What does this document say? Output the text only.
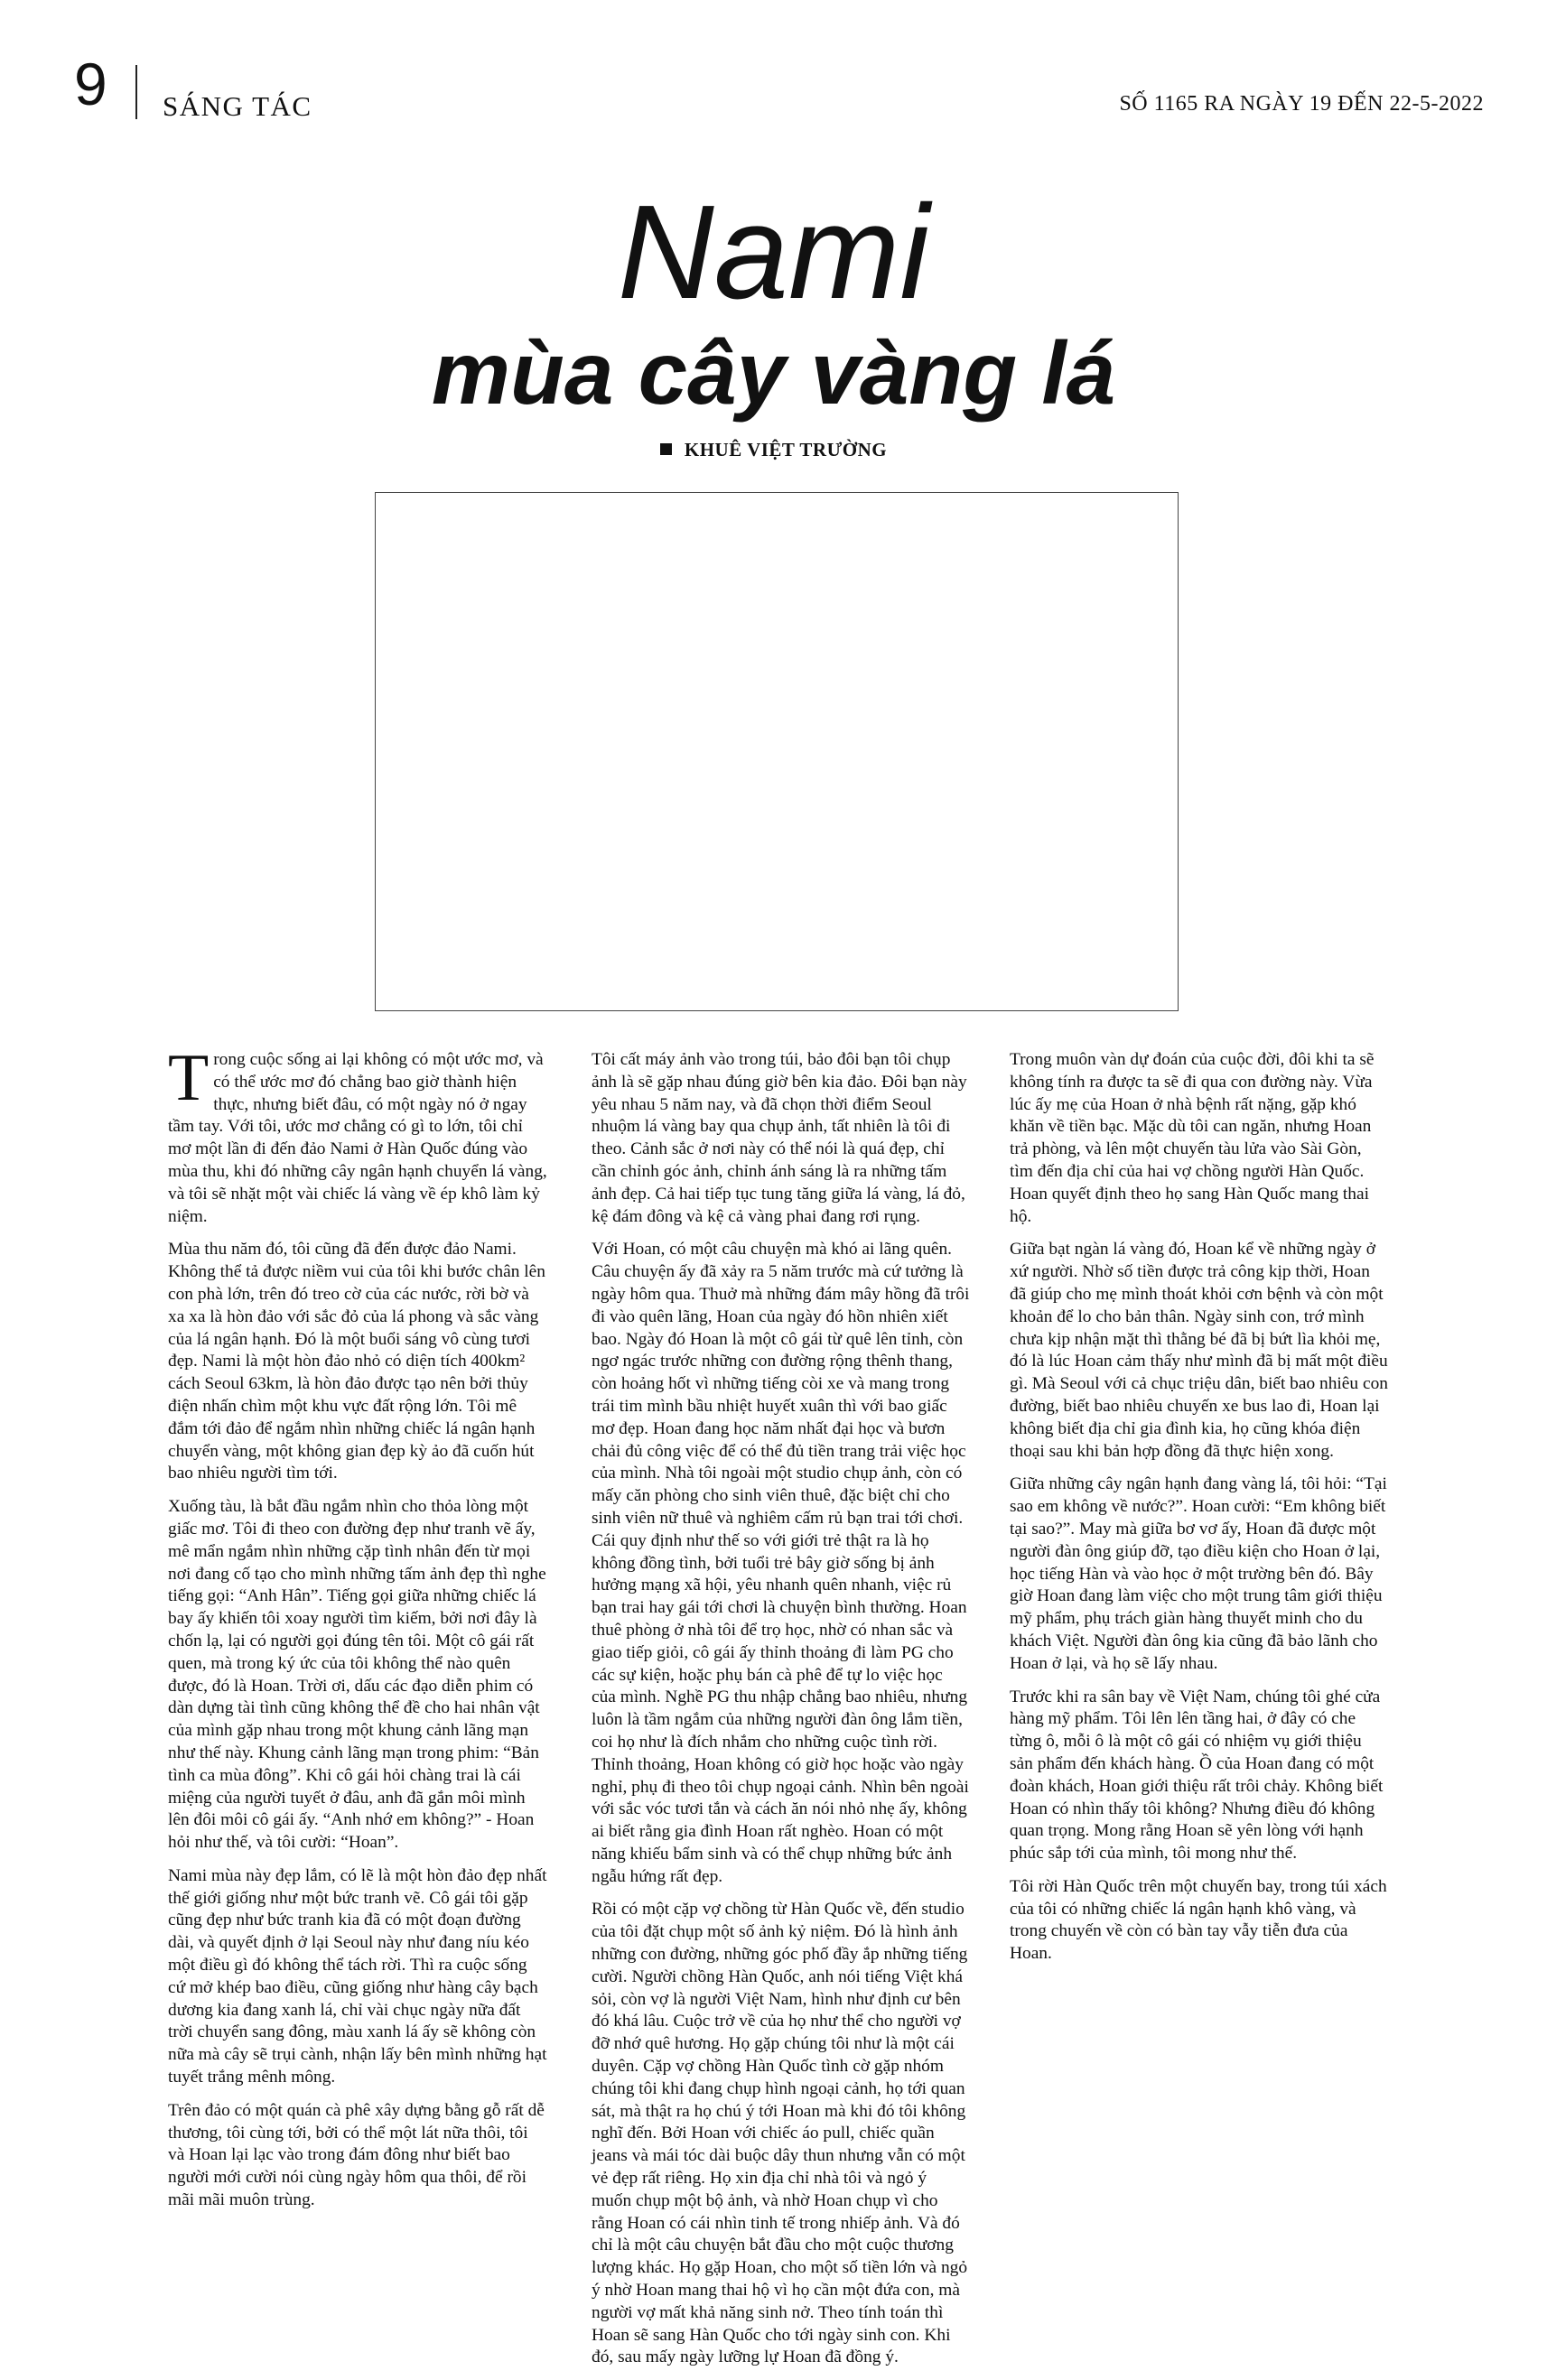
9 SÁNG TÁC	SỐ 1165 RA NGÀY 19 ĐẾN 22-5-2022
Nami
mùa cây vàng lá
KHUÊ VIỆT TRƯỜNG

Trong cuộc sống ai lại không có một ước mơ, và có thể ước mơ đó chẳng bao giờ thành hiện thực, nhưng biết đâu, có một ngày nó ở ngay tầm tay. Với tôi, ước mơ chẳng có gì to lớn, tôi chỉ mơ một lần đi đến đảo Nami ở Hàn Quốc đúng vào mùa thu, khi đó những cây ngân hạnh chuyển lá vàng, và tôi sẽ nhặt một vài chiếc lá vàng về ép khô làm kỷ niệm.

Mùa thu năm đó, tôi cũng đã đến được đảo Nami. Không thể tả được niềm vui của tôi khi bước chân lên con phà lớn, trên đó treo cờ của các nước, rời bờ và xa xa là hòn đảo với sắc đỏ của lá phong và sắc vàng của lá ngân hạnh. Đó là một buổi sáng vô cùng tươi đẹp. Nami là một hòn đảo nhỏ có diện tích 400km² cách Seoul 63km, là hòn đảo được tạo nên bởi thủy điện nhấn chìm một khu vực đất rộng lớn. Tôi mê đắm tới đảo để ngắm nhìn những chiếc lá ngân hạnh chuyển vàng, một không gian đẹp kỳ ảo đã cuốn hút bao nhiêu người tìm tới.

Xuống tàu, là bắt đầu ngắm nhìn cho thỏa lòng một giấc mơ. Tôi đi theo con đường đẹp như tranh vẽ ấy, mê mẩn ngắm nhìn những cặp tình nhân đến từ mọi nơi đang cố tạo cho mình những tấm ảnh đẹp thì nghe tiếng gọi: “Anh Hân”. Tiếng gọi giữa những chiếc lá bay ấy khiến tôi xoay người tìm kiếm, bởi nơi đây là chốn lạ, lại có người gọi đúng tên tôi. Một cô gái rất quen, mà trong ký ức của tôi không thể nào quên được, đó là Hoan. Trời ơi, dấu các đạo diễn phim có dàn dựng tài tình cũng không thể đề cho hai nhân vật của mình gặp nhau trong một khung cảnh lãng mạn như thế này. Khung cảnh lãng mạn trong phim: “Bản tình ca mùa đông”. Khi cô gái hỏi chàng trai là cái miệng của người tuyết ở đâu, anh đã gắn môi mình lên đôi môi cô gái ấy. “Anh nhớ em không?” - Hoan hỏi như thế, và tôi cười: “Hoan”.

Nami mùa này đẹp lắm, có lẽ là một hòn đảo đẹp nhất thế giới giống như một bức tranh vẽ. Cô gái tôi gặp cũng đẹp như bức tranh kia đã có một đoạn đường dài, và quyết định ở lại Seoul này như đang níu kéo một điều gì đó không thể tách rời. Thì ra cuộc sống cứ mở khép bao điều, cũng giống như hàng cây bạch dương kia đang xanh lá, chỉ vài chục ngày nữa đất trời chuyển sang đông, màu xanh lá ấy sẽ không còn nữa mà cây sẽ trụi cành, nhận lấy bên mình những hạt tuyết trắng mênh mông.

Trên đảo có một quán cà phê xây dựng bằng gỗ rất dễ thương, tôi cùng tới, bởi có thể một lát nữa thôi, tôi và Hoan lại lạc vào trong đám đông như biết bao người mới cười nói cùng ngày hôm qua thôi, để rồi mãi mãi muôn trùng.

Tôi cất máy ảnh vào trong túi, bảo đôi bạn tôi chụp ảnh là sẽ gặp nhau đúng giờ bên kia đảo. Đôi bạn này yêu nhau 5 năm nay, và đã chọn thời điểm Seoul nhuộm lá vàng bay qua chụp ảnh, tất nhiên là tôi đi theo. Cảnh sắc ở nơi này có thể nói là quá đẹp, chỉ cần chỉnh góc ảnh, chỉnh ánh sáng là ra những tấm ảnh đẹp. Cả hai tiếp tục tung tăng giữa lá vàng, lá đỏ, kệ đám đông và kệ cả vàng phai đang rơi rụng.

Với Hoan, có một câu chuyện mà khó ai lãng quên. Câu chuyện ấy đã xảy ra 5 năm trước mà cứ tưởng là ngày hôm qua. Thuở mà những đám mây hồng đã trôi đi vào quên lãng, Hoan của ngày đó hồn nhiên xiết bao. Ngày đó Hoan là một cô gái từ quê lên tỉnh, còn ngơ ngác trước những con đường rộng thênh thang, còn hoảng hốt vì những tiếng còi xe và mang trong trái tim mình bầu nhiệt huyết xuân thì với bao giấc mơ đẹp. Hoan đang học năm nhất đại học và bươn chải đủ công việc để có thể đủ tiền trang trải việc học của mình. Nhà tôi ngoài một studio chụp ảnh, còn có mấy căn phòng cho sinh viên thuê, đặc biệt chỉ cho sinh viên nữ thuê và nghiêm cấm rủ bạn trai tới chơi. Cái quy định như thế so với giới trẻ thật ra là họ không đồng tình, bởi tuổi trẻ bây giờ sống bị ảnh hưởng mạng xã hội, yêu nhanh quên nhanh, việc rủ bạn trai hay gái tới chơi là chuyện bình thường. Hoan thuê phòng ở nhà tôi để trọ học, nhờ có nhan sắc và giao tiếp giỏi, cô gái ấy thỉnh thoảng đi làm PG cho các sự kiện, hoặc phụ bán cà phê để tự lo việc học của mình. Nghề PG thu nhập chẳng bao nhiêu, nhưng luôn là tầm ngắm của những người đàn ông lắm tiền, coi họ như là đích nhắm cho những cuộc tình rời. Thỉnh thoảng, Hoan không có giờ học hoặc vào ngày nghỉ, phụ đi theo tôi chụp ngoại cảnh. Nhìn bên ngoài với sắc vóc tươi tắn và cách ăn nói nhỏ nhẹ ấy, không ai biết rằng gia đình Hoan rất nghèo. Hoan có một năng khiếu bẩm sinh và có thể chụp những bức ảnh ngẫu hứng rất đẹp.

Rồi có một cặp vợ chồng từ Hàn Quốc về, đến studio của tôi đặt chụp một số ảnh kỷ niệm. Đó là hình ảnh những con đường, những góc phố đầy ắp những tiếng cười. Người chồng Hàn Quốc, anh nói tiếng Việt khá sỏi, còn vợ là người Việt Nam, hình như định cư bên đó khá lâu. Cuộc trở về của họ như thể cho người vợ đỡ nhớ quê hương. Họ gặp chúng tôi như là một cái duyên. Cặp vợ chồng Hàn Quốc tình cờ gặp nhóm chúng tôi khi đang chụp hình ngoại cảnh, họ tới quan sát, mà thật ra họ chú ý tới Hoan mà khi đó tôi không nghĩ đến. Bởi Hoan với chiếc áo pull, chiếc quần jeans và mái tóc dài buộc dây thun nhưng vẫn có một vẻ đẹp rất riêng. Họ xin địa chỉ nhà tôi và ngỏ ý muốn chụp một bộ ảnh, và nhờ Hoan chụp vì cho rằng Hoan có cái nhìn tinh tế trong nhiếp ảnh. Và đó chỉ là một câu chuyện bắt đầu cho một cuộc thương lượng khác. Họ gặp Hoan, cho một số tiền lớn và ngỏ ý nhờ Hoan mang thai hộ vì họ cần một đứa con, mà người vợ mất khả năng sinh nở. Theo tính toán thì Hoan sẽ sang Hàn Quốc cho tới ngày sinh con. Khi đó, sau mấy ngày lưỡng lự Hoan đã đồng ý.

Trong muôn vàn dự đoán của cuộc đời, đôi khi ta sẽ không tính ra được ta sẽ đi qua con đường này. Vừa lúc ấy mẹ của Hoan ở nhà bệnh rất nặng, gặp khó khăn về tiền bạc. Mặc dù tôi can ngăn, nhưng Hoan trả phòng, và lên một chuyến tàu lửa vào Sài Gòn, tìm đến địa chỉ của hai vợ chồng người Hàn Quốc. Hoan quyết định theo họ sang Hàn Quốc mang thai hộ.

Giữa bạt ngàn lá vàng đó, Hoan kể về những ngày ở xứ người. Nhờ số tiền được trả công kịp thời, Hoan đã giúp cho mẹ mình thoát khỏi cơn bệnh và còn một khoản để lo cho bản thân. Ngày sinh con, trớ mình chưa kịp nhận mặt thì thằng bé đã bị bứt lìa khỏi mẹ, đó là lúc Hoan cảm thấy như mình đã bị mất một điều gì. Mà Seoul với cả chục triệu dân, biết bao nhiêu con đường, biết bao nhiêu chuyến xe bus lao đi, Hoan lại không biết địa chỉ gia đình kia, họ cũng khóa điện thoại sau khi bản hợp đồng đã thực hiện xong.

Giữa những cây ngân hạnh đang vàng lá, tôi hỏi: “Tại sao em không về nước?”. Hoan cười: “Em không biết tại sao?”. May mà giữa bơ vơ ấy, Hoan đã được một người đàn ông giúp đỡ, tạo điều kiện cho Hoan ở lại, học tiếng Hàn và vào học ở một trường bên đó. Bây giờ Hoan đang làm việc cho một trung tâm giới thiệu mỹ phẩm, phụ trách giàn hàng thuyết minh cho du khách Việt. Người đàn ông kia cũng đã bảo lãnh cho Hoan ở lại, và họ sẽ lấy nhau.

Trước khi ra sân bay về Việt Nam, chúng tôi ghé cửa hàng mỹ phẩm. Tôi lên lên tầng hai, ở đây có che từng ô, mỗi ô là một cô gái có nhiệm vụ giới thiệu sản phẩm đến khách hàng. Ồ của Hoan đang có một đoàn khách, Hoan giới thiệu rất trôi chảy. Không biết Hoan có nhìn thấy tôi không? Nhưng điều đó không quan trọng. Mong rằng Hoan sẽ yên lòng với hạnh phúc sắp tới của mình, tôi mong như thế.

Tôi rời Hàn Quốc trên một chuyến bay, trong túi xách của tôi có những chiếc lá ngân hạnh khô vàng, và trong chuyến về còn có bàn tay vẫy tiễn đưa của Hoan.
